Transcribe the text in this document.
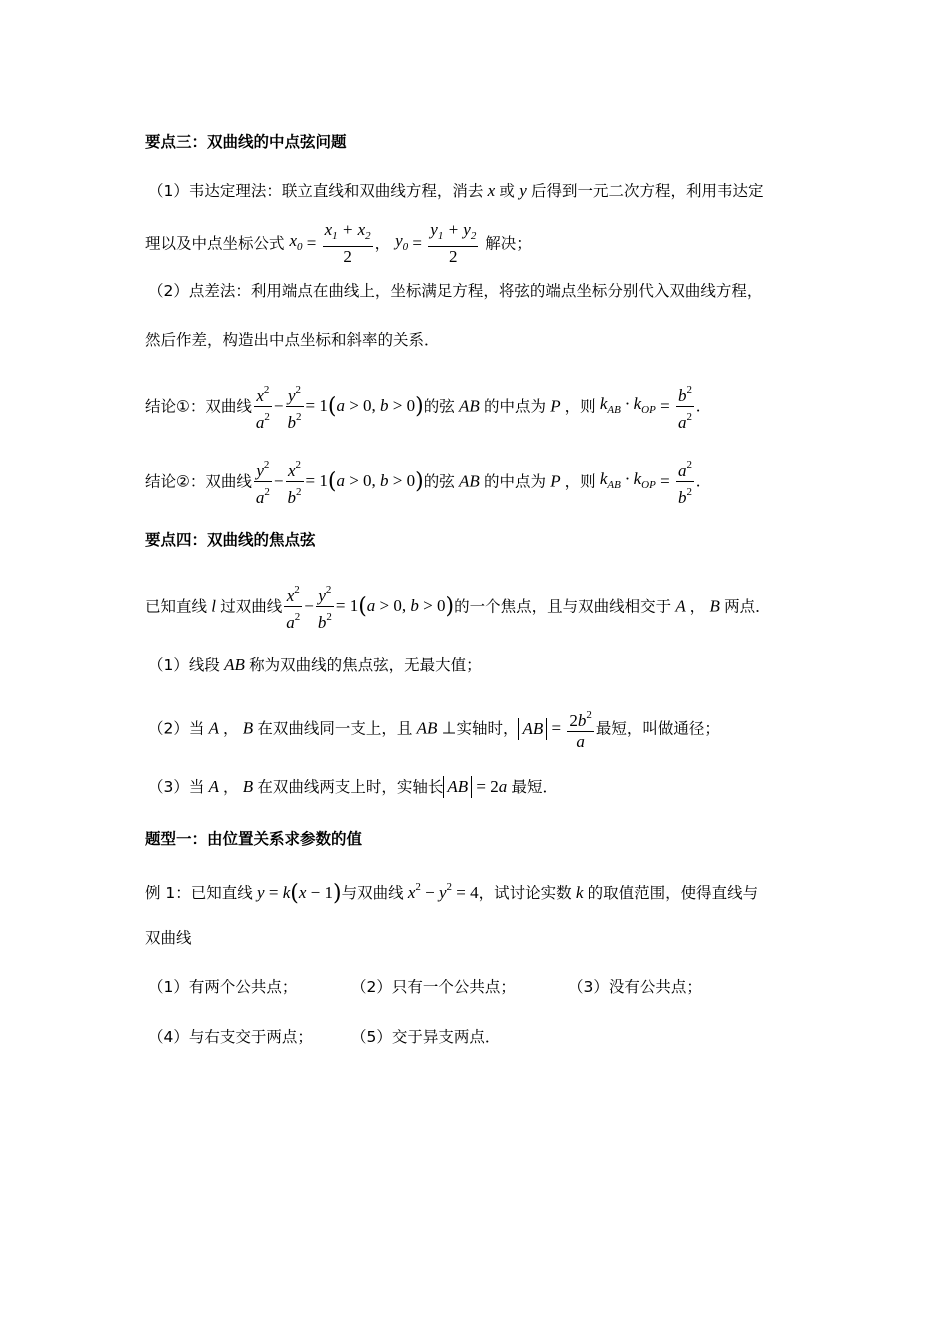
要点三：双曲线的中点弦问题
（1）韦达定理法：联立直线和双曲线方程，消去 x 或 y 后得到一元二次方程，利用韦达定
理以及中点坐标公式 $x_0 = \frac{x_1 + x_2}{2}$ ， $y_0 = \frac{y_1 + y_2}{2}$ 解决；
（2）点差法：利用端点在曲线上，坐标满足方程，将弦的端点坐标分别代入双曲线方程，
然后作差，构造出中点坐标和斜率的关系．
结论①：双曲线 $\frac{x^2}{a^2} - \frac{y^2}{b^2} = 1(a > 0$, b > 0)的弦 AB 的中点为 P ，则 $k_{AB} \cdot k_{OP} = \frac{b^2}{a^2}$ .
结论②：双曲线 $\frac{y^2}{a^2} - \frac{x^2}{b^2} = 1(a > 0$, b > 0)的弦 AB 的中点为 P ，则 $k_{AB} \cdot k_{OP} = \frac{a^2}{b^2}$ .
要点四：双曲线的焦点弦
已知直线 l 过双曲线 $\frac{x^2}{a^2} - \frac{y^2}{b^2} = 1(a > 0$, b > 0)的一个焦点，且与双曲线相交于 A ， B 两点．
（1）线段 AB 称为双曲线的焦点弦，无最大值；
（2）当 A ， B 在双曲线同一支上，且 AB ⊥实轴时， AB = $\frac{2b^2}{a}$ 最短，叫做通径；
（3）当 A ， B 在双曲线两支上时，实轴长 AB = 2a 最短．
题型一：由位置关系求参数的值
例 1：已知直线 y = k(x − 1)与双曲线 $x^2 - y^2 = 4$，试讨论实数 k 的取值范围，使得直线与
双曲线
（1）有两个公共点；	（2）只有一个公共点；	（3）没有公共点；
（4）与右支交于两点； （5）交于异支两点．
